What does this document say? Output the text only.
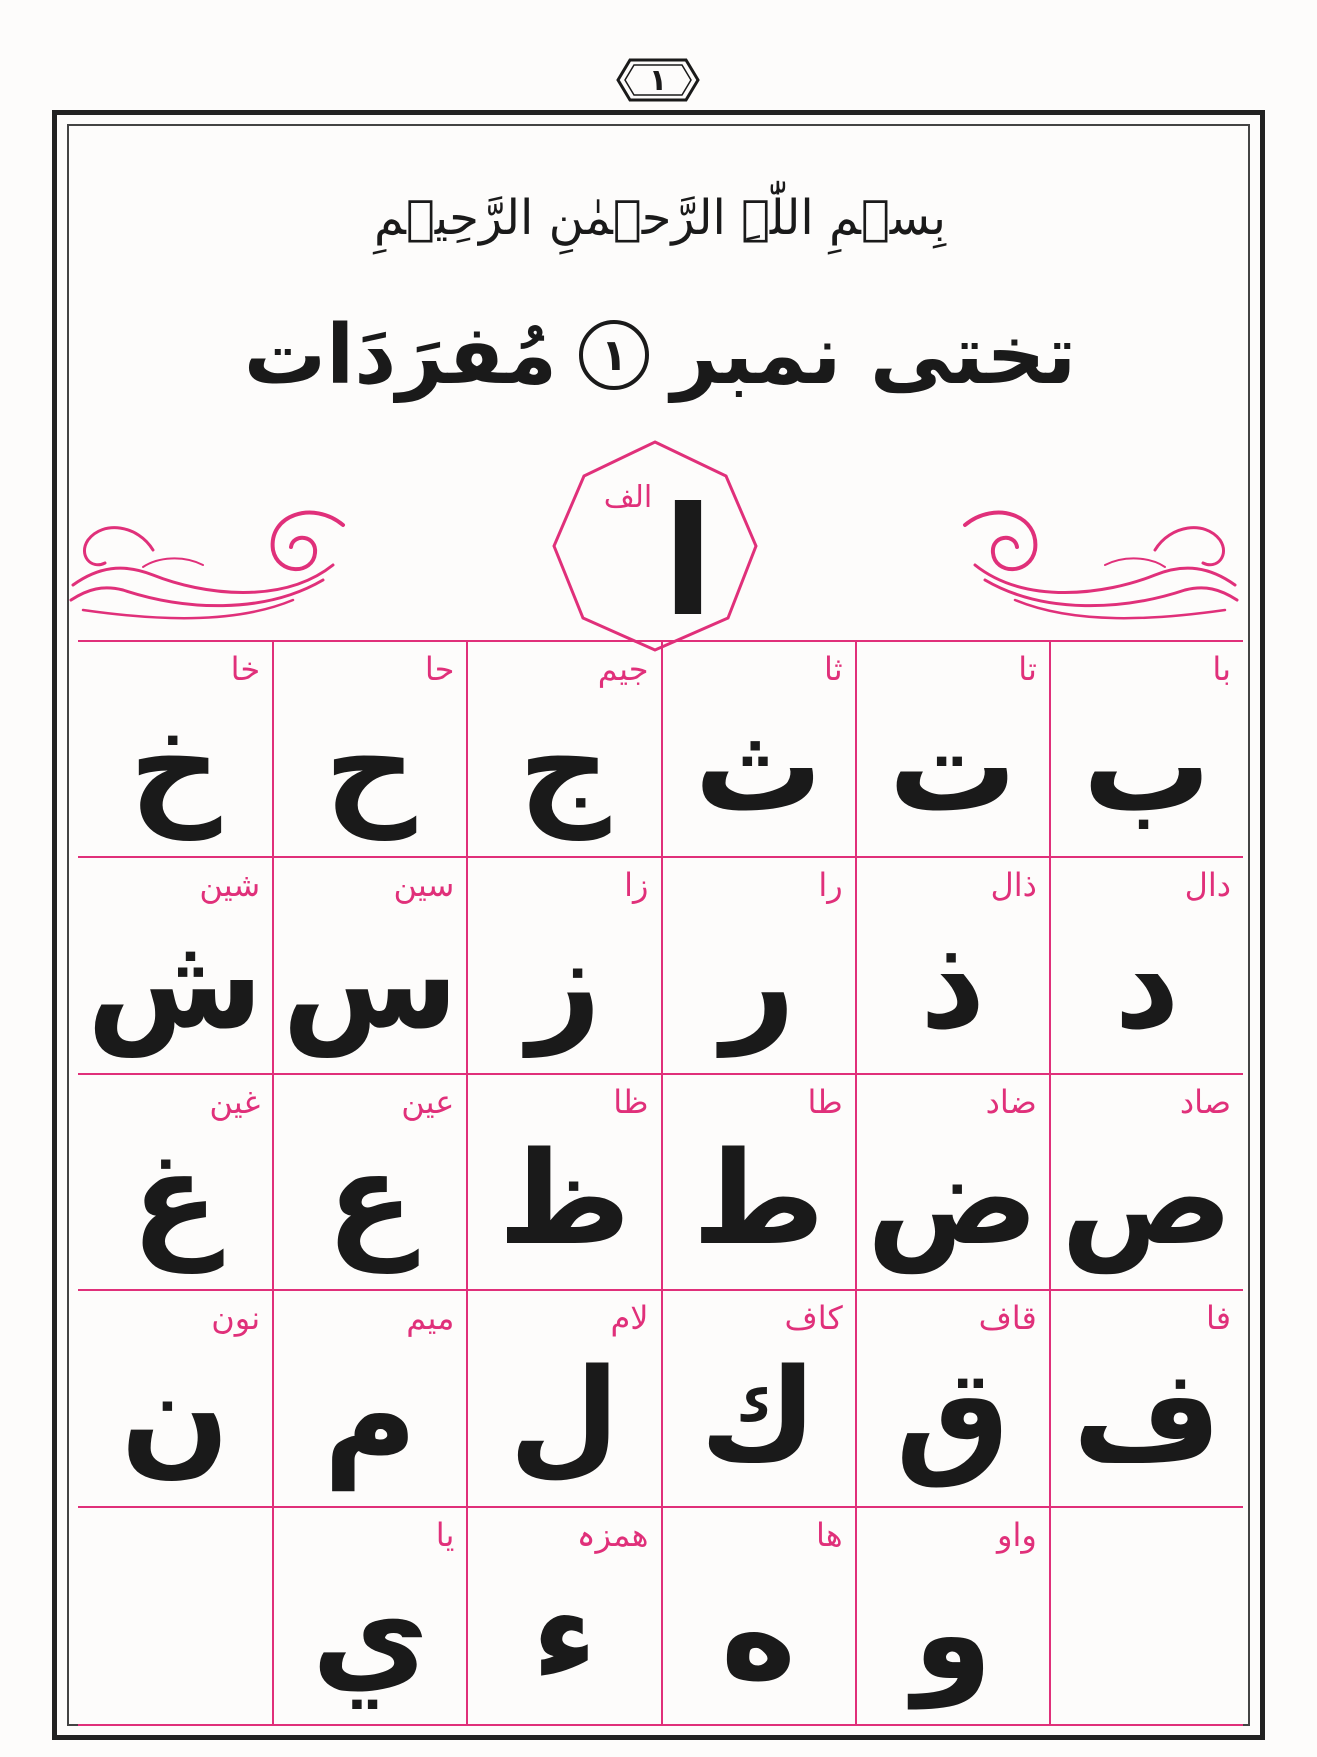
١
بِسۡمِ اللّٰہِ الرَّحۡمٰنِ الرَّحِیۡمِ
تختی نمبر
١
مُفرَدَات
الف ا
با
ب
تا
ت
ثا
ث
جیم
ج
حا
ح
خا
خ
دال
د
ذال
ذ
را
ر
زا
ز
سین
س
شین
ش
صاد
ص
ضاد
ض
طا
ط
ظا
ظ
عین
ع
غین
غ
فا
ف
قاف
ق
کاف
ك
لام
ل
میم
م
نون
ن
واو
و
ھا
ه
ھمزہ
ء
یا
ي
